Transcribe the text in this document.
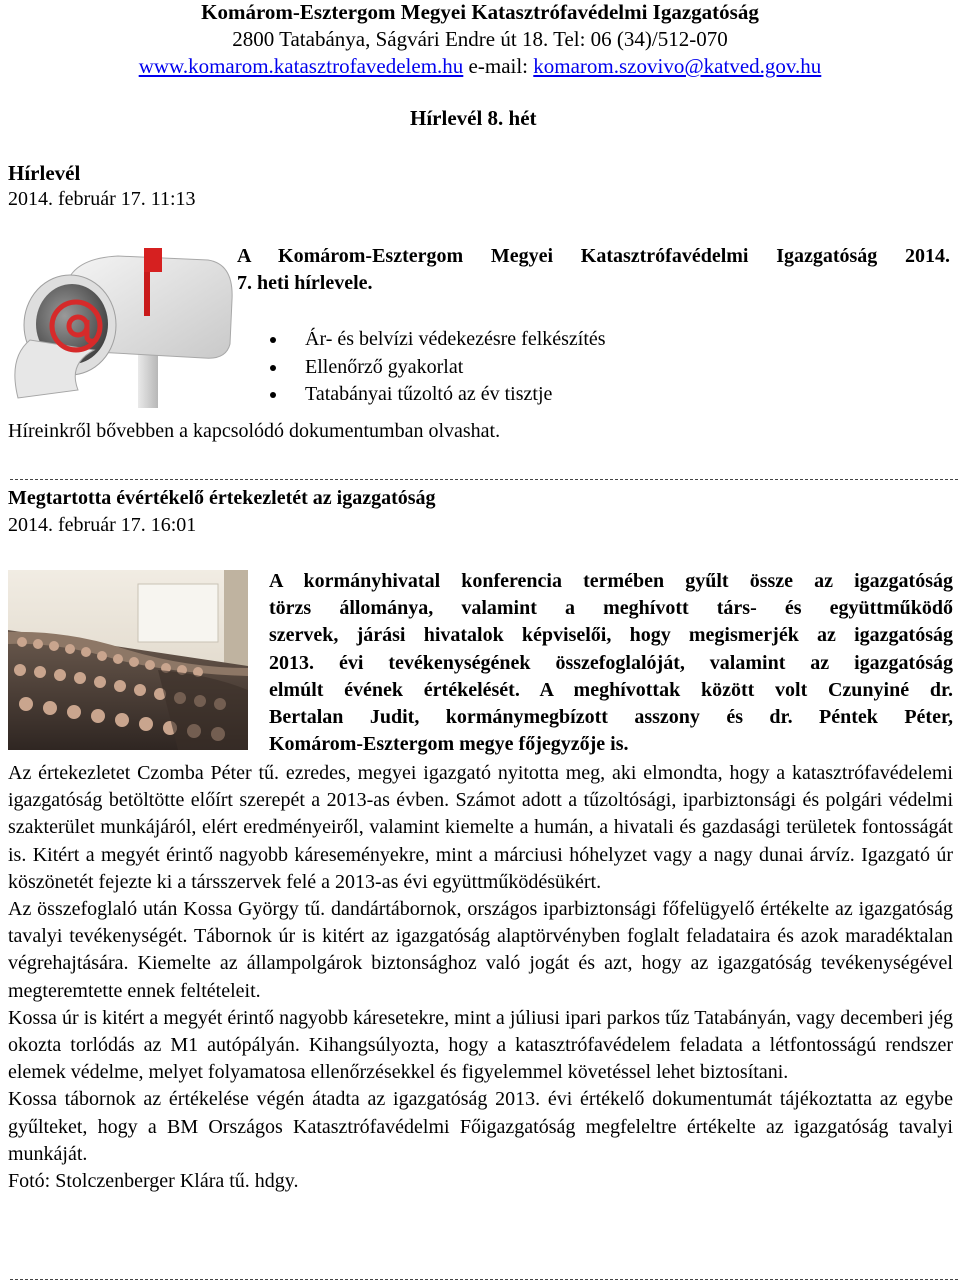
Komárom-Esztergom Megyei Katasztrófavédelmi Igazgatóság
2800 Tatabánya, Ságvári Endre út 18. Tel: 06 (34)/512-070
www.komarom.katasztrofavedelem.hu e-mail: komarom.szovivo@katved.gov.hu
Hírlevél 8. hét
Hírlevél
2014. február 17. 11:13
A Komárom-Esztergom Megyei Katasztrófavédelmi Igazgatóság 2014.
7. heti hírlevele.
Ár- és belvízi védekezésre felkészítés
Ellenőrző gyakorlat
Tatabányai tűzoltó az év tisztje
Híreinkről bővebben a kapcsolódó dokumentumban olvashat.
Megtartotta évértékelő értekezletét az igazgatóság
2014. február 17. 16:01
A kormányhivatal konferencia termében gyűlt össze az igazgatóság
törzs állománya, valamint a meghívott társ- és együttműködő
szervek, járási hivatalok képviselői, hogy megismerjék az igazgatóság
2013. évi tevékenységének összefoglalóját, valamint az igazgatóság
elmúlt évének értékelését. A meghívottak között volt Czunyiné dr.
Bertalan Judit, kormánymegbízott asszony és dr. Péntek Péter,
Komárom-Esztergom megye főjegyzője is.
Az értekezletet Czomba Péter tű. ezredes, megyei igazgató nyitotta meg, aki elmondta, hogy a katasztrófavédelemi igazgatóság betöltötte előírt szerepét a 2013-as évben. Számot adott a tűzoltósági, iparbiztonsági és polgári védelmi szakterület munkájáról, elért eredményeiről, valamint kiemelte a humán, a hivatali és gazdasági területek fontosságát is. Kitért a megyét érintő nagyobb káreseményekre, mint a márciusi hóhelyzet vagy a nagy dunai árvíz. Igazgató úr köszönetét fejezte ki a társszervek felé a 2013-as évi együttműködésükért.
Az összefoglaló után Kossa György tű. dandártábornok, országos iparbiztonsági főfelügyelő értékelte az igazgatóság tavalyi tevékenységét. Tábornok úr is kitért az igazgatóság alaptörvényben foglalt feladataira és azok maradéktalan végrehajtására. Kiemelte az állampolgárok biztonsághoz való jogát és azt, hogy az igazgatóság tevékenységével megteremtette ennek feltételeit.
Kossa úr is kitért a megyét érintő nagyobb káresetekre, mint a júliusi ipari parkos tűz Tatabányán, vagy decemberi jég okozta torlódás az M1 autópályán. Kihangsúlyozta, hogy a katasztrófavédelem feladata a létfontosságú rendszer elemek védelme, melyet folyamatosa ellenőrzésekkel és figyelemmel követéssel lehet biztosítani.
Kossa tábornok az értékelése végén átadta az igazgatóság 2013. évi értékelő dokumentumát tájékoztatta az egybe gyűlteket, hogy a BM Országos Katasztrófavédelmi Főigazgatóság megfeleltre értékelte az igazgatóság tavalyi munkáját.
Fotó: Stolczenberger Klára tű. hdgy.
